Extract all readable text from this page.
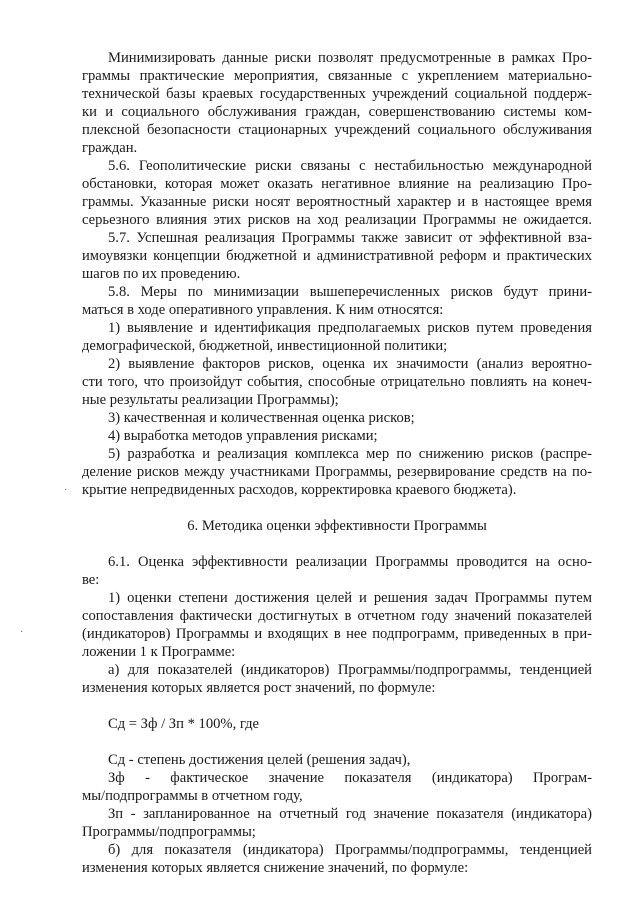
Минимизировать данные риски позволят предусмотренные в рамках Про-
граммы практические мероприятия, связанные с укреплением материально-
технической базы краевых государственных учреждений социальной поддерж-
ки и социального обслуживания граждан, совершенствованию системы ком-
плексной безопасности стационарных учреждений социального обслуживания
граждан.
5.6. Геополитические риски связаны с нестабильностью международной
обстановки, которая может оказать негативное влияние на реализацию Про-
граммы. Указанные риски носят вероятностный характер и в настоящее время
серьезного влияния этих рисков на ход реализации Программы не ожидается.
5.7. Успешная реализация Программы также зависит от эффективной вза-
имоувязки концепции бюджетной и административной реформ и практических
шагов по их проведению.
5.8. Меры по минимизации вышеперечисленных рисков будут прини-
маться в ходе оперативного управления. К ним относятся:
1) выявление и идентификация предполагаемых рисков путем проведения
демографической, бюджетной, инвестиционной политики;
2) выявление факторов рисков, оценка их значимости (анализ вероятно-
сти того, что произойдут события, способные отрицательно повлиять на конеч-
ные результаты реализации Программы);
3) качественная и количественная оценка рисков;
4) выработка методов управления рисками;
5) разработка и реализация комплекса мер по снижению рисков (распре-
деление рисков между участниками Программы, резервирование средств на по-
крытие непредвиденных расходов, корректировка краевого бюджета).
6. Методика оценки эффективности Программы
6.1. Оценка эффективности реализации Программы проводится на осно-
ве:
1) оценки степени достижения целей и решения задач Программы путем
сопоставления фактически достигнутых в отчетном году значений показателей
(индикаторов) Программы и входящих в нее подпрограмм, приведенных в при-
ложении 1 к Программе:
а) для показателей (индикаторов) Программы/подпрограммы, тенденцией
изменения которых является рост значений, по формуле:
Сд = Зф / Зп * 100%, где
Сд - степень достижения целей (решения задач),
Зф   -   фактическое   значение   показателя   (индикатора)   Програм-
мы/подпрограммы в отчетном году,
Зп - запланированное на отчетный год значение показателя (индикатора)
Программы/подпрограммы;
б) для показателя (индикатора) Программы/подпрограммы, тенденцией
изменения которых является снижение значений, по формуле:
·
·
